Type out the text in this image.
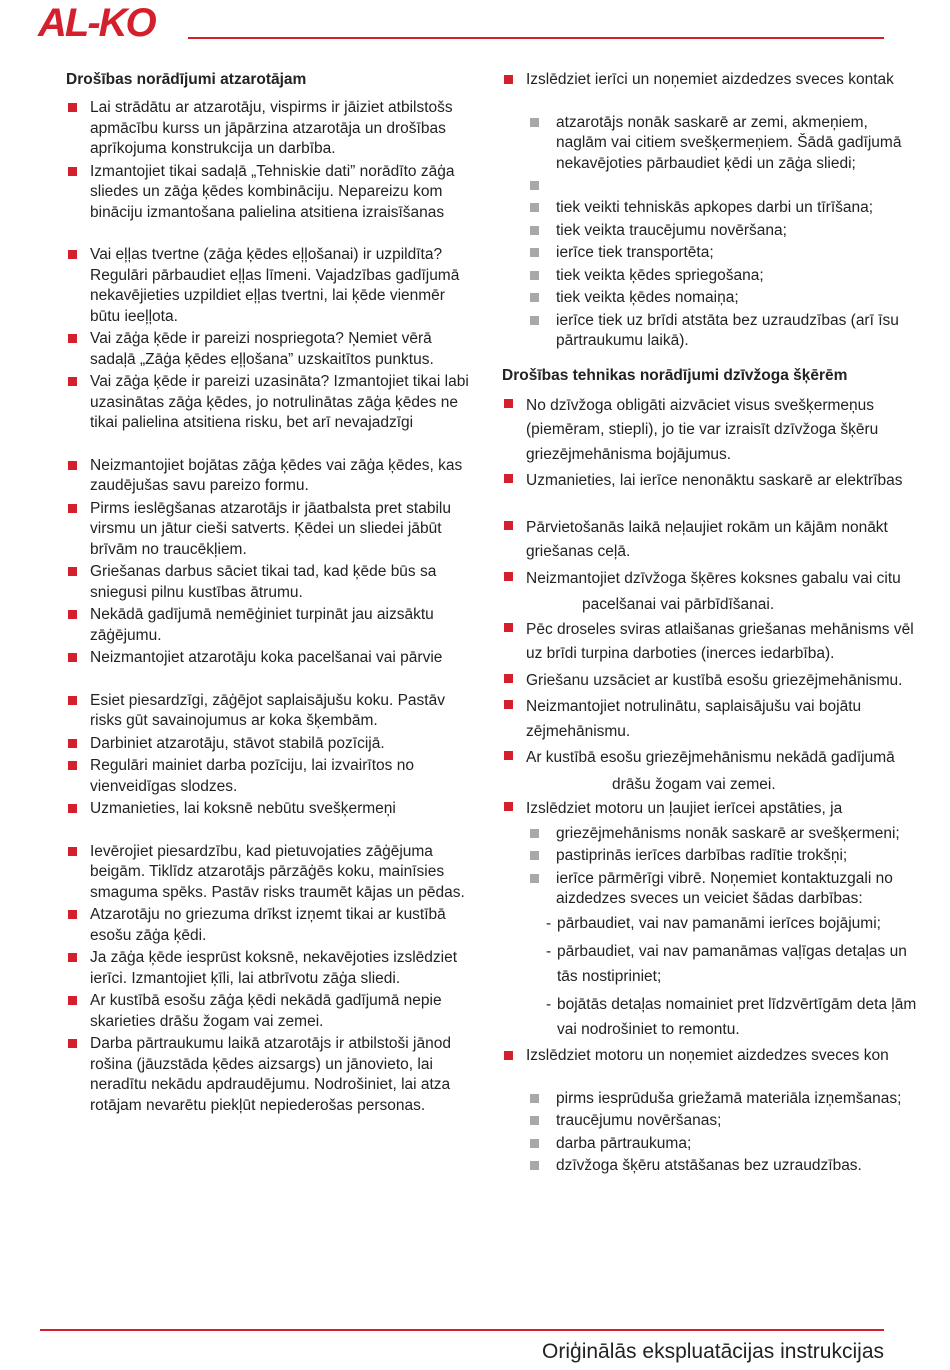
AL-KO
Drošības norādījumi atzarotājam
Lai strādātu ar atzarotāju, vispirms ir jāiziet atbilstošs apmācību kurss un jāpārzina atzarotāja un drošības aprīkojuma konstrukcija un darbība.
Izmantojiet tikai sadaļā „Tehniskie dati” norādīto zāģa sliedes un zāģa ķēdes kombināciju. Nepareizu kom bināciju izmantošana palielina atsitiena izraisīšanas
Vai eļļas tvertne (zāģa ķēdes eļļošanai) ir uzpildīta? Regulāri pārbaudiet eļļas līmeni. Vajadzības gadījumā nekavējieties uzpildiet eļļas tvertni, lai ķēde vienmēr būtu ieeļļota.
Vai zāģa ķēde ir pareizi nospriegota? Ņemiet vērā sadaļā „Zāģa ķēdes eļļošana” uzskaitītos punktus.
Vai zāģa ķēde ir pareizi uzasināta? Izmantojiet tikai labi uzasinātas zāģa ķēdes, jo notrulinātas zāģa ķēdes ne tikai palielina atsitiena risku, bet arī nevajadzīgi
Neizmantojiet bojātas zāģa ķēdes vai zāģa ķēdes, kas zaudējušas savu pareizo formu.
Pirms ieslēgšanas atzarotājs ir jāatbalsta pret stabilu virsmu un jātur cieši satverts. Ķēdei un sliedei jābūt brīvām no traucēkļiem.
Griešanas darbus sāciet tikai tad, kad ķēde būs sa sniegusi pilnu kustības ātrumu.
Nekādā gadījumā nemēģiniet turpināt jau aizsāktu zāģējumu.
Neizmantojiet atzarotāju koka pacelšanai vai pārvie
Esiet piesardzīgi, zāģējot saplaisājušu koku. Pastāv risks gūt savainojumus ar koka šķembām.
Darbiniet atzarotāju, stāvot stabilā pozīcijā.
Regulāri mainiet darba pozīciju, lai izvairītos no vienveidīgas slodzes.
Uzmanieties, lai koksnē nebūtu svešķermeņi
Ievērojiet piesardzību, kad pietuvojaties zāģējuma beigām. Tiklīdz atzarotājs pārzāģēs koku, mainīsies smaguma spēks. Pastāv risks traumēt kājas un pēdas.
Atzarotāju no griezuma drīkst izņemt tikai ar kustībā esošu zāģa ķēdi.
Ja zāģa ķēde iesprūst koksnē, nekavējoties izslēdziet ierīci. Izmantojiet ķīli, lai atbrīvotu zāģa sliedi.
Ar kustībā esošu zāģa ķēdi nekādā gadījumā nepie skarieties drāšu žogam vai zemei.
Darba pārtraukumu laikā atzarotājs ir atbilstoši jānod rošina (jāuzstāda ķēdes aizsargs) un jānovieto, lai neradītu nekādu apdraudējumu. Nodrošiniet, lai atza rotājam nevarētu piekļūt nepiederošas personas.
Izslēdziet ierīci un noņemiet aizdedzes sveces kontak
atzarotājs nonāk saskarē ar zemi, akmeņiem, naglām vai citiem svešķermeņiem. Šādā gadījumā nekavējoties pārbaudiet ķēdi un zāģa sliedi;
tiek veikti tehniskās apkopes darbi un tīrīšana;
tiek veikta traucējumu novēršana;
ierīce tiek transportēta;
tiek veikta ķēdes spriegošana;
tiek veikta ķēdes nomaiņa;
ierīce tiek uz brīdi atstāta bez uzraudzības (arī īsu pārtraukumu laikā).
Drošības tehnikas norādījumi dzīvžoga šķērēm
No dzīvžoga obligāti aizvāciet visus svešķermeņus (piemēram, stiepli), jo tie var izraisīt dzīvžoga šķēru griezējmehānisma bojājumus.
Uzmanieties, lai ierīce nenonāktu saskarē ar elektrības
Pārvietošanās laikā neļaujiet rokām un kājām nonākt griešanas ceļā.
Neizmantojiet dzīvžoga šķēres koksnes gabalu vai citu
pacelšanai vai pārbīdīšanai.
Pēc droseles sviras atlaišanas griešanas mehānisms vēl uz brīdi turpina darboties (inerces iedarbība).
Griešanu uzsāciet ar kustībā esošu griezējmehānismu.
Neizmantojiet notrulinātu, saplaisājušu vai bojātu zējmehānismu.
Ar kustībā esošu griezējmehānismu nekādā gadījumā
drāšu žogam vai zemei.
Izslēdziet motoru un ļaujiet ierīcei apstāties, ja
griezējmehānisms nonāk saskarē ar svešķermeni;
pastiprinās ierīces darbības radītie trokšņi;
ierīce pārmērīgi vibrē. Noņemiet kontaktuzgali no aizdedzes sveces un veiciet šādas darbības:
- pārbaudiet, vai nav pamanāmi ierīces bojājumi;
- pārbaudiet, vai nav pamanāmas vaļīgas detaļas un tās nostipriniet;
- bojātās detaļas nomainiet pret līdzvērtīgām deta ļām vai nodrošiniet to remontu.
Izslēdziet motoru un noņemiet aizdedzes sveces kon
pirms iesprūduša griežamā materiāla izņemšanas;
traucējumu novēršanas;
darba pārtraukuma;
dzīvžoga šķēru atstāšanas bez uzraudzības.
Oriģinālās ekspluatācijas instrukcijas
